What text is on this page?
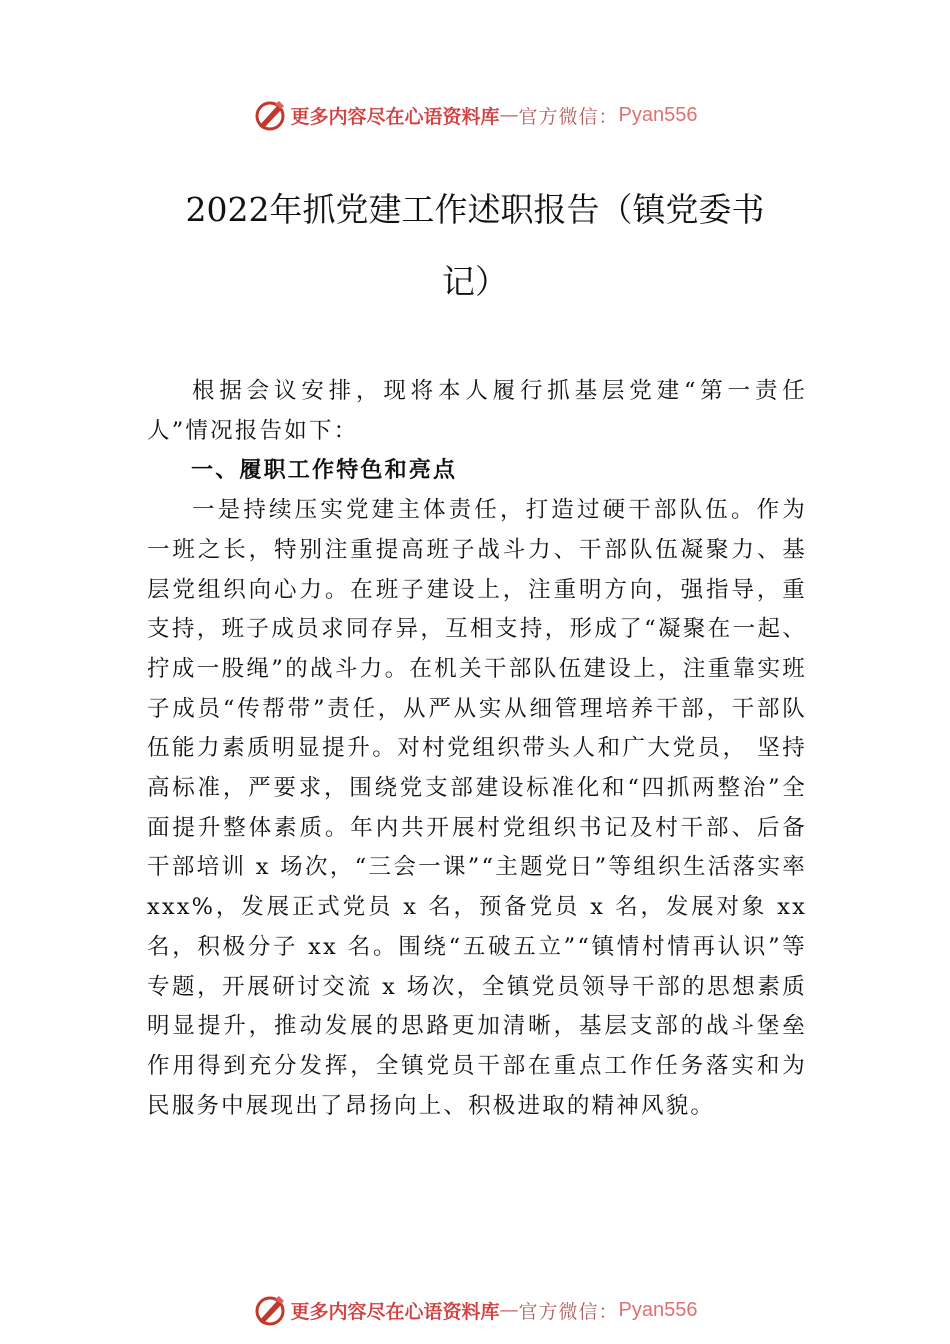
更多内容尽在心语资料库 — 官方微信： Pyan556
2022年抓党建工作述职报告（镇党委书
记）

根据会议安排，现将本人履行抓基层党建“第一责任人”情况报告如下：

一、履职工作特色和亮点

一是持续压实党建主体责任，打造过硬干部队伍。作为一班之长，特别注重提高班子战斗力、干部队伍凝聚力、基层党组织向心力。在班子建设上，注重明方向，强指导，重支持，班子成员求同存异，互相支持，形成了“凝聚在一起、拧成一股绳”的战斗力。在机关干部队伍建设上，注重靠实班子成员“传帮带”责任，从严从实从细管理培养干部，干部队伍能力素质明显提升。对村党组织带头人和广大党员， 坚持高标准，严要求，围绕党支部建设标准化和“四抓两整治”全面提升整体素质。年内共开展村党组织书记及村干部、后备干部培训 x 场次，“三会一课”“主题党日”等组织生活落实率 xxx%，发展正式党员 x 名，预备党员 x 名，发展对象 xx 名，积极分子 xx 名。围绕“五破五立”“镇情村情再认识”等专题，开展研讨交流 x 场次，全镇党员领导干部的思想素质明显提升，推动发展的思路更加清晰，基层支部的战斗堡垒作用得到充分发挥，全镇党员干部在重点工作任务落实和为民服务中展现出了昂扬向上、积极进取的精神风貌。

更多内容尽在心语资料库 — 官方微信： Pyan556
